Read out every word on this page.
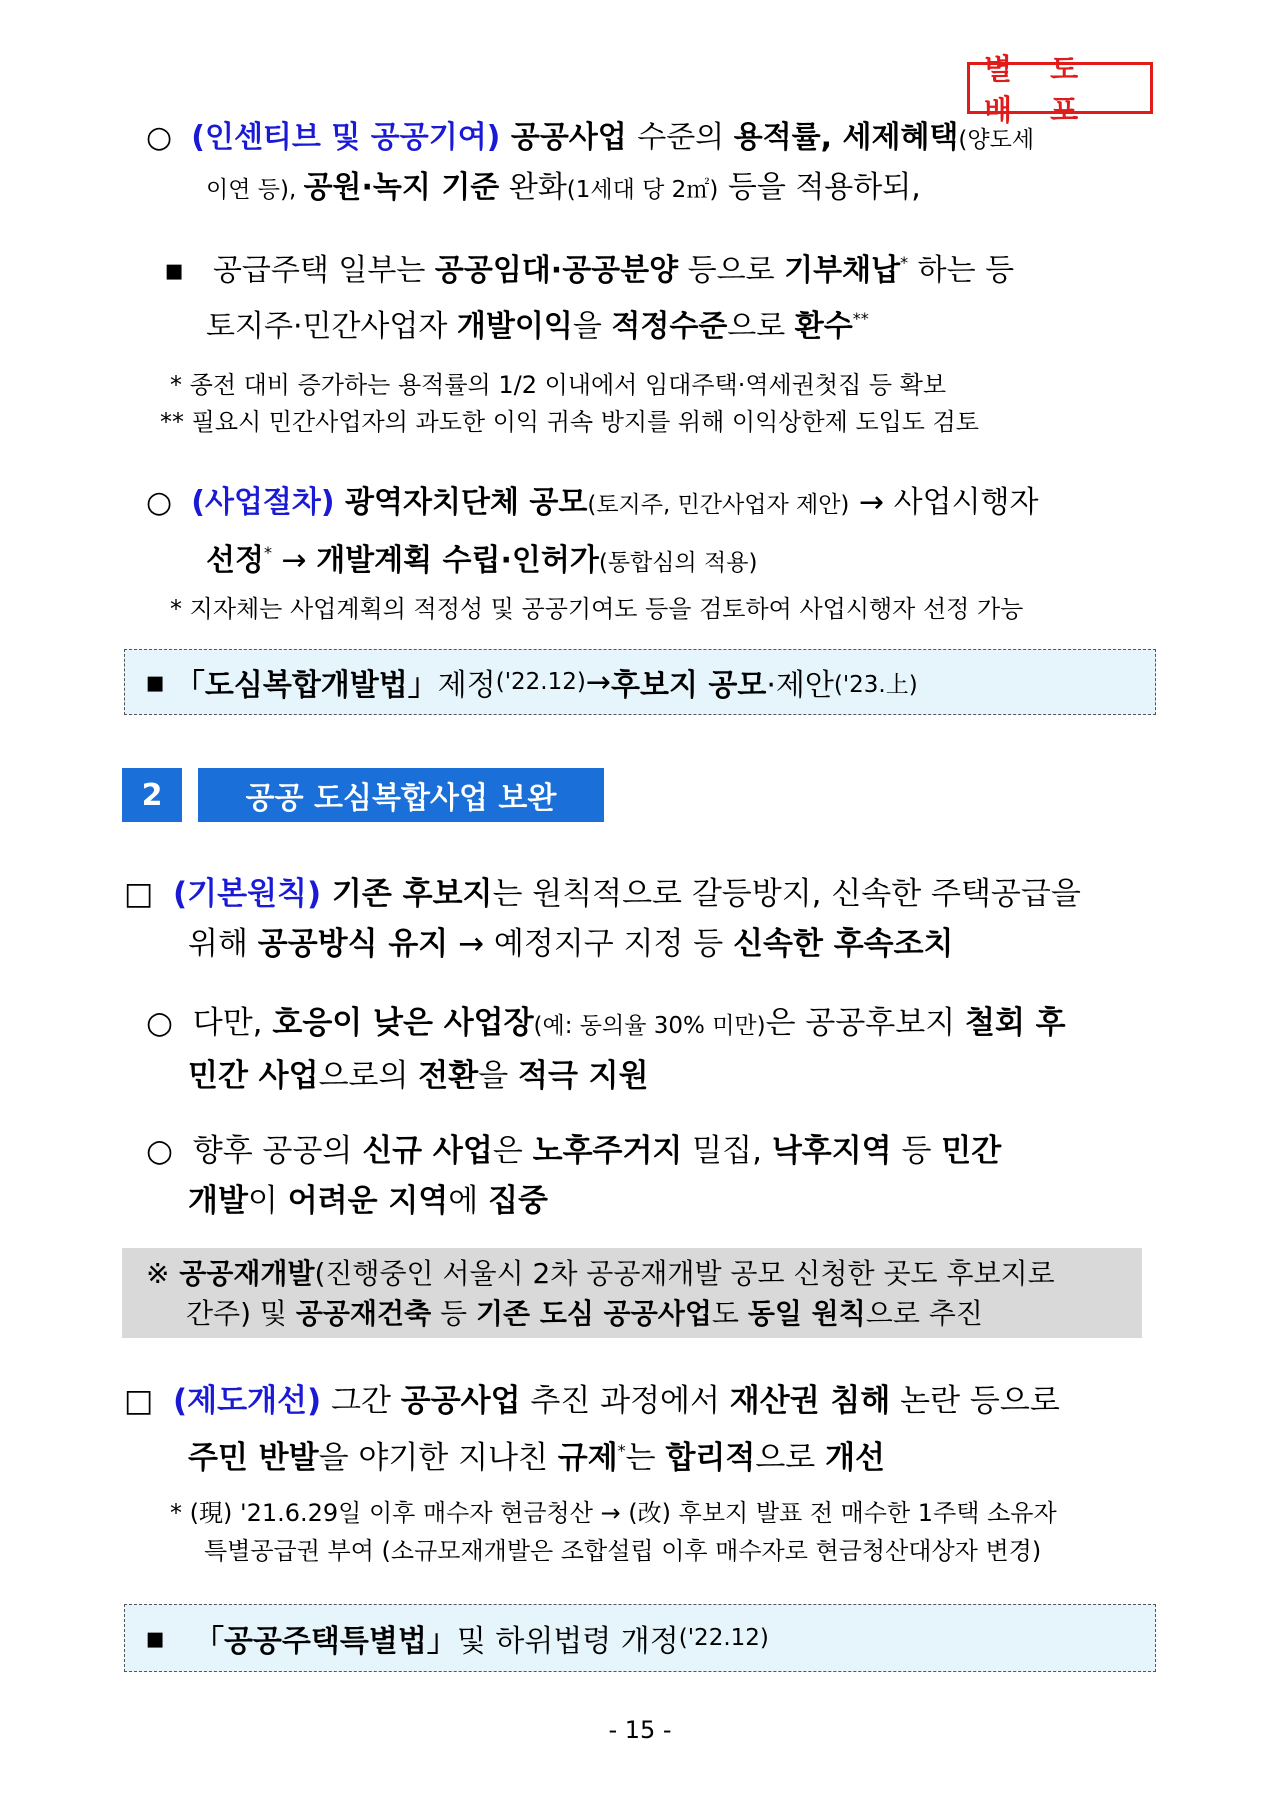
별 도 배 포
○ (인센티브 및 공공기여) 공공사업 수준의 용적률, 세제혜택(양도세
이연 등), 공원·녹지 기준 완화(1세대 당 2㎡) 등을 적용하되,
▪ 공급주택 일부는 공공임대·공공분양 등으로 기부채납* 하는 등
토지주·민간사업자 개발이익을 적정수준으로 환수**
* 종전 대비 증가하는 용적률의 1/2 이내에서 임대주택·역세권첫집 등 확보
** 필요시 민간사업자의 과도한 이익 귀속 방지를 위해 이익상한제 도입도 검토
○ (사업절차) 광역자치단체 공모(토지주, 민간사업자 제안) → 사업시행자
선정* → 개발계획 수립·인허가(통합심의 적용)
* 지자체는 사업계획의 적정성 및 공공기여도 등을 검토하여 사업시행자 선정 가능
▪
「도심복합개발법」 제정 ('22.12) → 후보지 공모 ·제안 ('23.上)
2	공공 도심복합사업 보완
□ (기본원칙) 기존 후보지는 원칙적으로 갈등방지, 신속한 주택공급을
위해 공공방식 유지 → 예정지구 지정 등 신속한 후속조치
○ 다만, 호응이 낮은 사업장(예: 동의율 30% 미만)은 공공후보지 철회 후
민간 사업으로의 전환을 적극 지원
○ 향후 공공의 신규 사업은 노후주거지 밀집, 낙후지역 등 민간
개발이 어려운 지역에 집중
※ 공공재개발(진행중인 서울시 2차 공공재개발 공모 신청한 곳도 후보지로
간주) 및 공공재건축 등 기존 도심 공공사업도 동일 원칙으로 추진
□ (제도개선) 그간 공공사업 추진 과정에서 재산권 침해 논란 등으로
주민 반발을 야기한 지나친 규제*는 합리적으로 개선
* (現) '21.6.29일 이후 매수자 현금청산 → (改) 후보지 발표 전 매수한 1주택 소유자
특별공급권 부여 (소규모재개발은 조합설립 이후 매수자로 현금청산대상자 변경)
▪
「공공주택특별법」 및 하위법령 개정 ('22.12)
- 15 -
